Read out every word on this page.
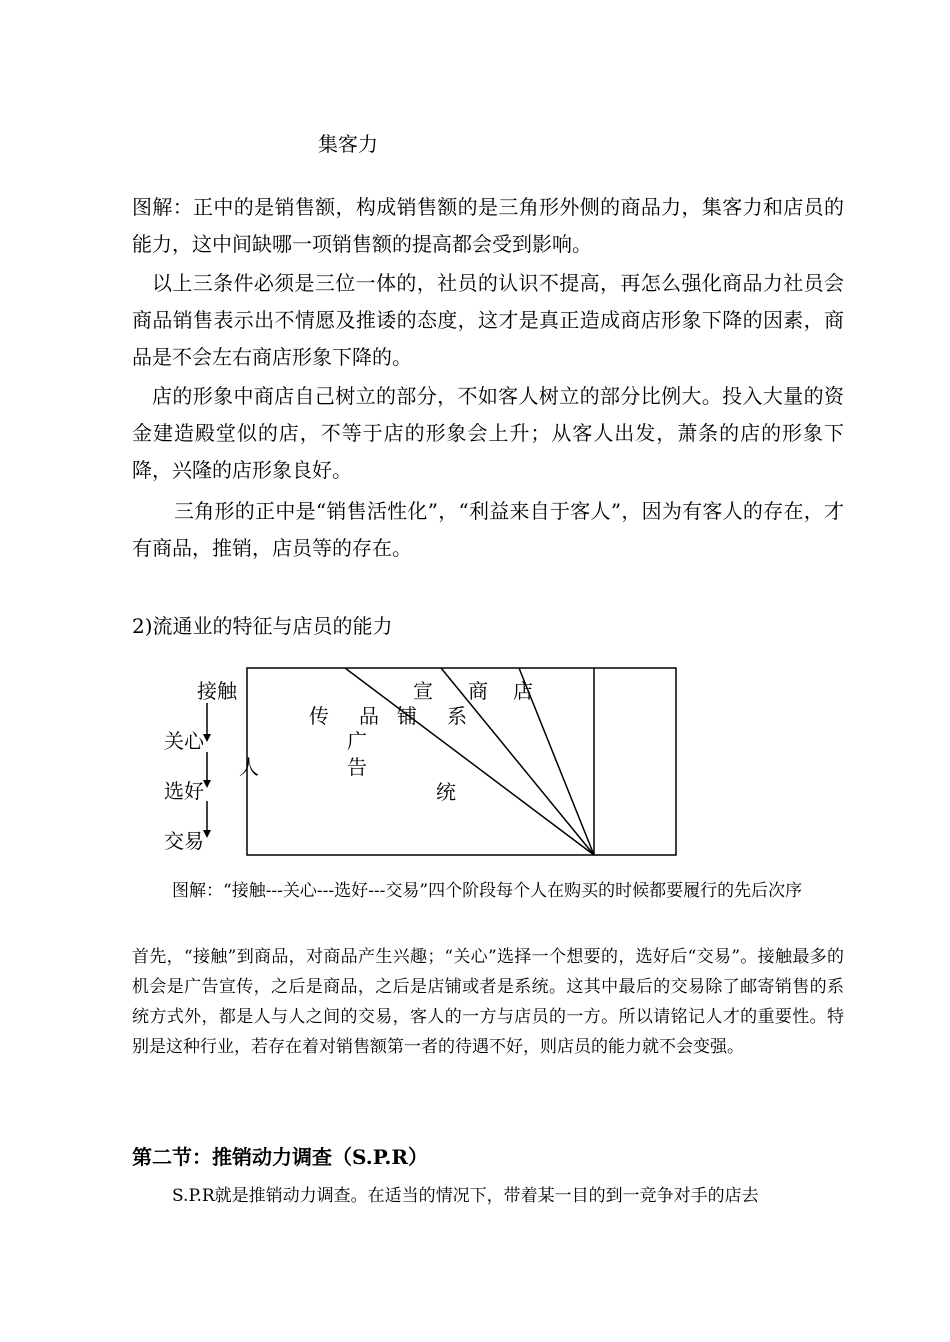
集客力
图解：正中的是销售额，构成销售额的是三角形外侧的商品力，集客力和店员的能力，这中间缺哪一项销售额的提高都会受到影响。
以上三条件必须是三位一体的，社员的认识不提高，再怎么强化商品力社员会商品销售表示出不情愿及推诿的态度，这才是真正造成商店形象下降的因素，商品是不会左右商店形象下降的。
店的形象中商店自己树立的部分，不如客人树立的部分比例大。投入大量的资金建造殿堂似的店，不等于店的形象会上升；从客人出发，萧条的店的形象下降，兴隆的店形象良好。
三角形的正中是“销售活性化”，“利益来自于客人”，因为有客人的存在，才有商品，推销，店员等的存在。
2)流通业的特征与店员的能力
接触
关心
选好
交易
人
宣 商 店
传 品 铺 系
广
告
统
图解：“接触---关心---选好---交易”四个阶段每个人在购买的时候都要履行的先后次序
首先，“接触”到商品，对商品产生兴趣；“关心”选择一个想要的，选好后“交易”。接触最多的机会是广告宣传，之后是商品，之后是店铺或者是系统。这其中最后的交易除了邮寄销售的系统方式外，都是人与人之间的交易，客人的一方与店员的一方。所以请铭记人才的重要性。特别是这种行业，若存在着对销售额第一者的待遇不好，则店员的能力就不会变强。
第二节：推销动力调查（S.P.R）
S.P.R就是推销动力调查。在适当的情况下，带着某一目的到一竞争对手的店去
